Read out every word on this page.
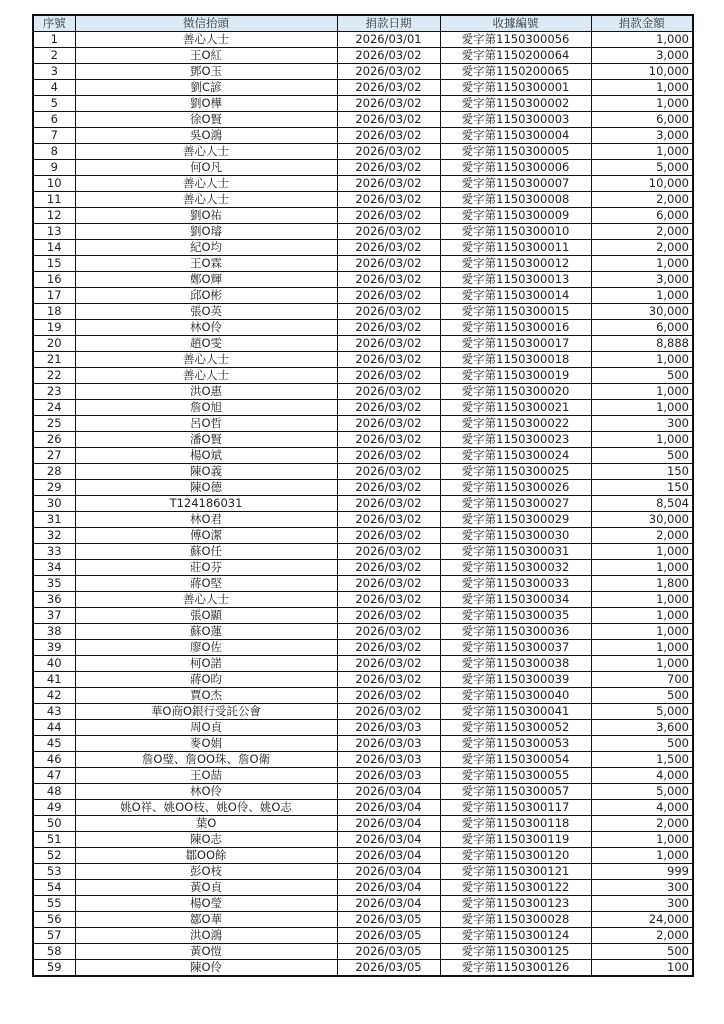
序號	徵信抬頭	捐款日期	收據編號	捐款金額
1	善心人士	2026/03/01	愛字第1150300056	1,000
2	王O紅	2026/03/02	愛字第1150200064	3,000
3	鄧O玉	2026/03/02	愛字第1150200065	10,000
4	劉C諺	2026/03/02	愛字第1150300001	1,000
5	劉O樺	2026/03/02	愛字第1150300002	1,000
6	徐O賢	2026/03/02	愛字第1150300003	6,000
7	吳O鴻	2026/03/02	愛字第1150300004	3,000
8	善心人士	2026/03/02	愛字第1150300005	1,000
9	何O凡	2026/03/02	愛字第1150300006	5,000
10	善心人士	2026/03/02	愛字第1150300007	10,000
11	善心人士	2026/03/02	愛字第1150300008	2,000
12	劉O祐	2026/03/02	愛字第1150300009	6,000
13	劉O璿	2026/03/02	愛字第1150300010	2,000
14	紀O均	2026/03/02	愛字第1150300011	2,000
15	王O霖	2026/03/02	愛字第1150300012	1,000
16	鄭O輝	2026/03/02	愛字第1150300013	3,000
17	邱O彬	2026/03/02	愛字第1150300014	1,000
18	張O英	2026/03/02	愛字第1150300015	30,000
19	林O伶	2026/03/02	愛字第1150300016	6,000
20	趙O雯	2026/03/02	愛字第1150300017	8,888
21	善心人士	2026/03/02	愛字第1150300018	1,000
22	善心人士	2026/03/02	愛字第1150300019	500
23	洪O惠	2026/03/02	愛字第1150300020	1,000
24	詹O旭	2026/03/02	愛字第1150300021	1,000
25	呂O哲	2026/03/02	愛字第1150300022	300
26	潘O賢	2026/03/02	愛字第1150300023	1,000
27	楊O斌	2026/03/02	愛字第1150300024	500
28	陳O義	2026/03/02	愛字第1150300025	150
29	陳O德	2026/03/02	愛字第1150300026	150
30	T124186031	2026/03/02	愛字第1150300027	8,504
31	林O君	2026/03/02	愛字第1150300029	30,000
32	傅O潔	2026/03/02	愛字第1150300030	2,000
33	蘇O任	2026/03/02	愛字第1150300031	1,000
34	莊O芬	2026/03/02	愛字第1150300032	1,000
35	蔣O堅	2026/03/02	愛字第1150300033	1,800
36	善心人士	2026/03/02	愛字第1150300034	1,000
37	張O顯	2026/03/02	愛字第1150300035	1,000
38	蘇O蓮	2026/03/02	愛字第1150300036	1,000
39	廖O佐	2026/03/02	愛字第1150300037	1,000
40	柯O諾	2026/03/02	愛字第1150300038	1,000
41	蔣O昀	2026/03/02	愛字第1150300039	700
42	賈O杰	2026/03/02	愛字第1150300040	500
43	華O商O銀行受託公會	2026/03/02	愛字第1150300041	5,000
44	周O貞	2026/03/03	愛字第1150300052	3,600
45	麥O娟	2026/03/03	愛字第1150300053	500
46	詹O璧、詹OO珠、詹O衛	2026/03/03	愛字第1150300054	1,500
47	王O喆	2026/03/03	愛字第1150300055	4,000
48	林O伶	2026/03/04	愛字第1150300057	5,000
49	姚O祥、姚OO枝、姚O伶、姚O志	2026/03/04	愛字第1150300117	4,000
50	葉O	2026/03/04	愛字第1150300118	2,000
51	陳O志	2026/03/04	愛字第1150300119	1,000
52	鄒OO餘	2026/03/04	愛字第1150300120	1,000
53	彭O枝	2026/03/04	愛字第1150300121	999
54	黃O貞	2026/03/04	愛字第1150300122	300
55	楊O瑩	2026/03/04	愛字第1150300123	300
56	鄒O華	2026/03/05	愛字第1150300028	24,000
57	洪O鴻	2026/03/05	愛字第1150300124	2,000
58	黃O愷	2026/03/05	愛字第1150300125	500
59	陳O伶	2026/03/05	愛字第1150300126	100
